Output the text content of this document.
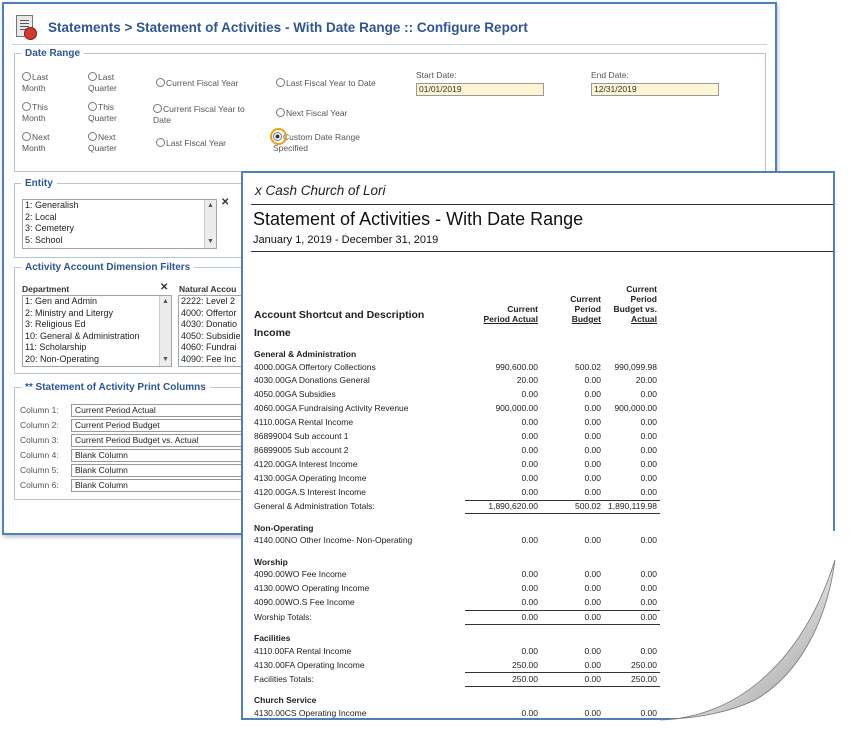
Statements > Statement of Activities - With Date Range :: Configure Report
Date Range
Last
Month
Last
Quarter	Current Fiscal Year	Last Fiscal Year to Date
This
Month
This
Quarter
Current Fiscal Year to
Date
Next Fiscal Year
Next
Month
Next
Quarter	Last Fiscal Year
Custom Date Range
Specified
Start Date:
01/01/2019
End Date:
12/31/2019
Entity
1: Generalish
2: Local
3: Cemetery
5: School
▲
▼
✕
Activity Account Dimension Filters
Department	✕
1: Gen and Admin
2: Ministry and Litergy
3: Religious Ed
10: General & Administration
11: Scholarship
20: Non-Operating
▲
▼
Natural Accou
2222: Level 2
4000: Offertor
4030: Donatio
4050: Subsidie
4060: Fundrai
4090: Fee Inc
** Statement of Activity Print Columns
Column 1:	Current Period Actual
Column 2:	Current Period Budget
Column 3:	Current Period Budget vs. Actual
Column 4:	Blank Column
Column 5:	Blank Column
Column 6:	Blank Column
x Cash Church of Lori
Statement of Activities - With Date Range
January 1, 2019 - December 31, 2019
Account Shortcut and Description
Income
Current
Period Actual
Current
Period
Budget
Current
Period
Budget vs.
Actual
General & Administration
4000.00GA Offertory Collections	990,600.00	500.02	990,099.98
4030.00GA Donations General	20.00	0.00	20.00
4050.00GA Subsidies	0.00	0.00	0.00
4060.00GA Fundraising Activity Revenue	900,000.00	0.00	900,000.00
4110.00GA Rental Income	0.00	0.00	0.00
86899004 Sub account 1	0.00	0.00	0.00
86899005 Sub account 2	0.00	0.00	0.00
4120.00GA Interest Income	0.00	0.00	0.00
4130.00GA Operating Income	0.00	0.00	0.00
4120.00GA.S Interest Income	0.00	0.00	0.00
General & Administration Totals:	1,890,620.00	500.02 1,890,119.98
Non-Operating
4140.00NO Other Income- Non-Operating	0.00	0.00	0.00
Worship
4090.00WO Fee Income	0.00	0.00	0.00
4130.00WO Operating Income	0.00	0.00	0.00
4090.00WO.S Fee Income	0.00	0.00	0.00
Worship Totals:	0.00	0.00	0.00
Facilities
4110.00FA Rental Income	0.00	0.00	0.00
4130.00FA Operating Income	250.00	0.00	250.00
Facilities Totals:	250.00	0.00	250.00
Church Service
4130.00CS Operating Income	0.00	0.00	0.00
